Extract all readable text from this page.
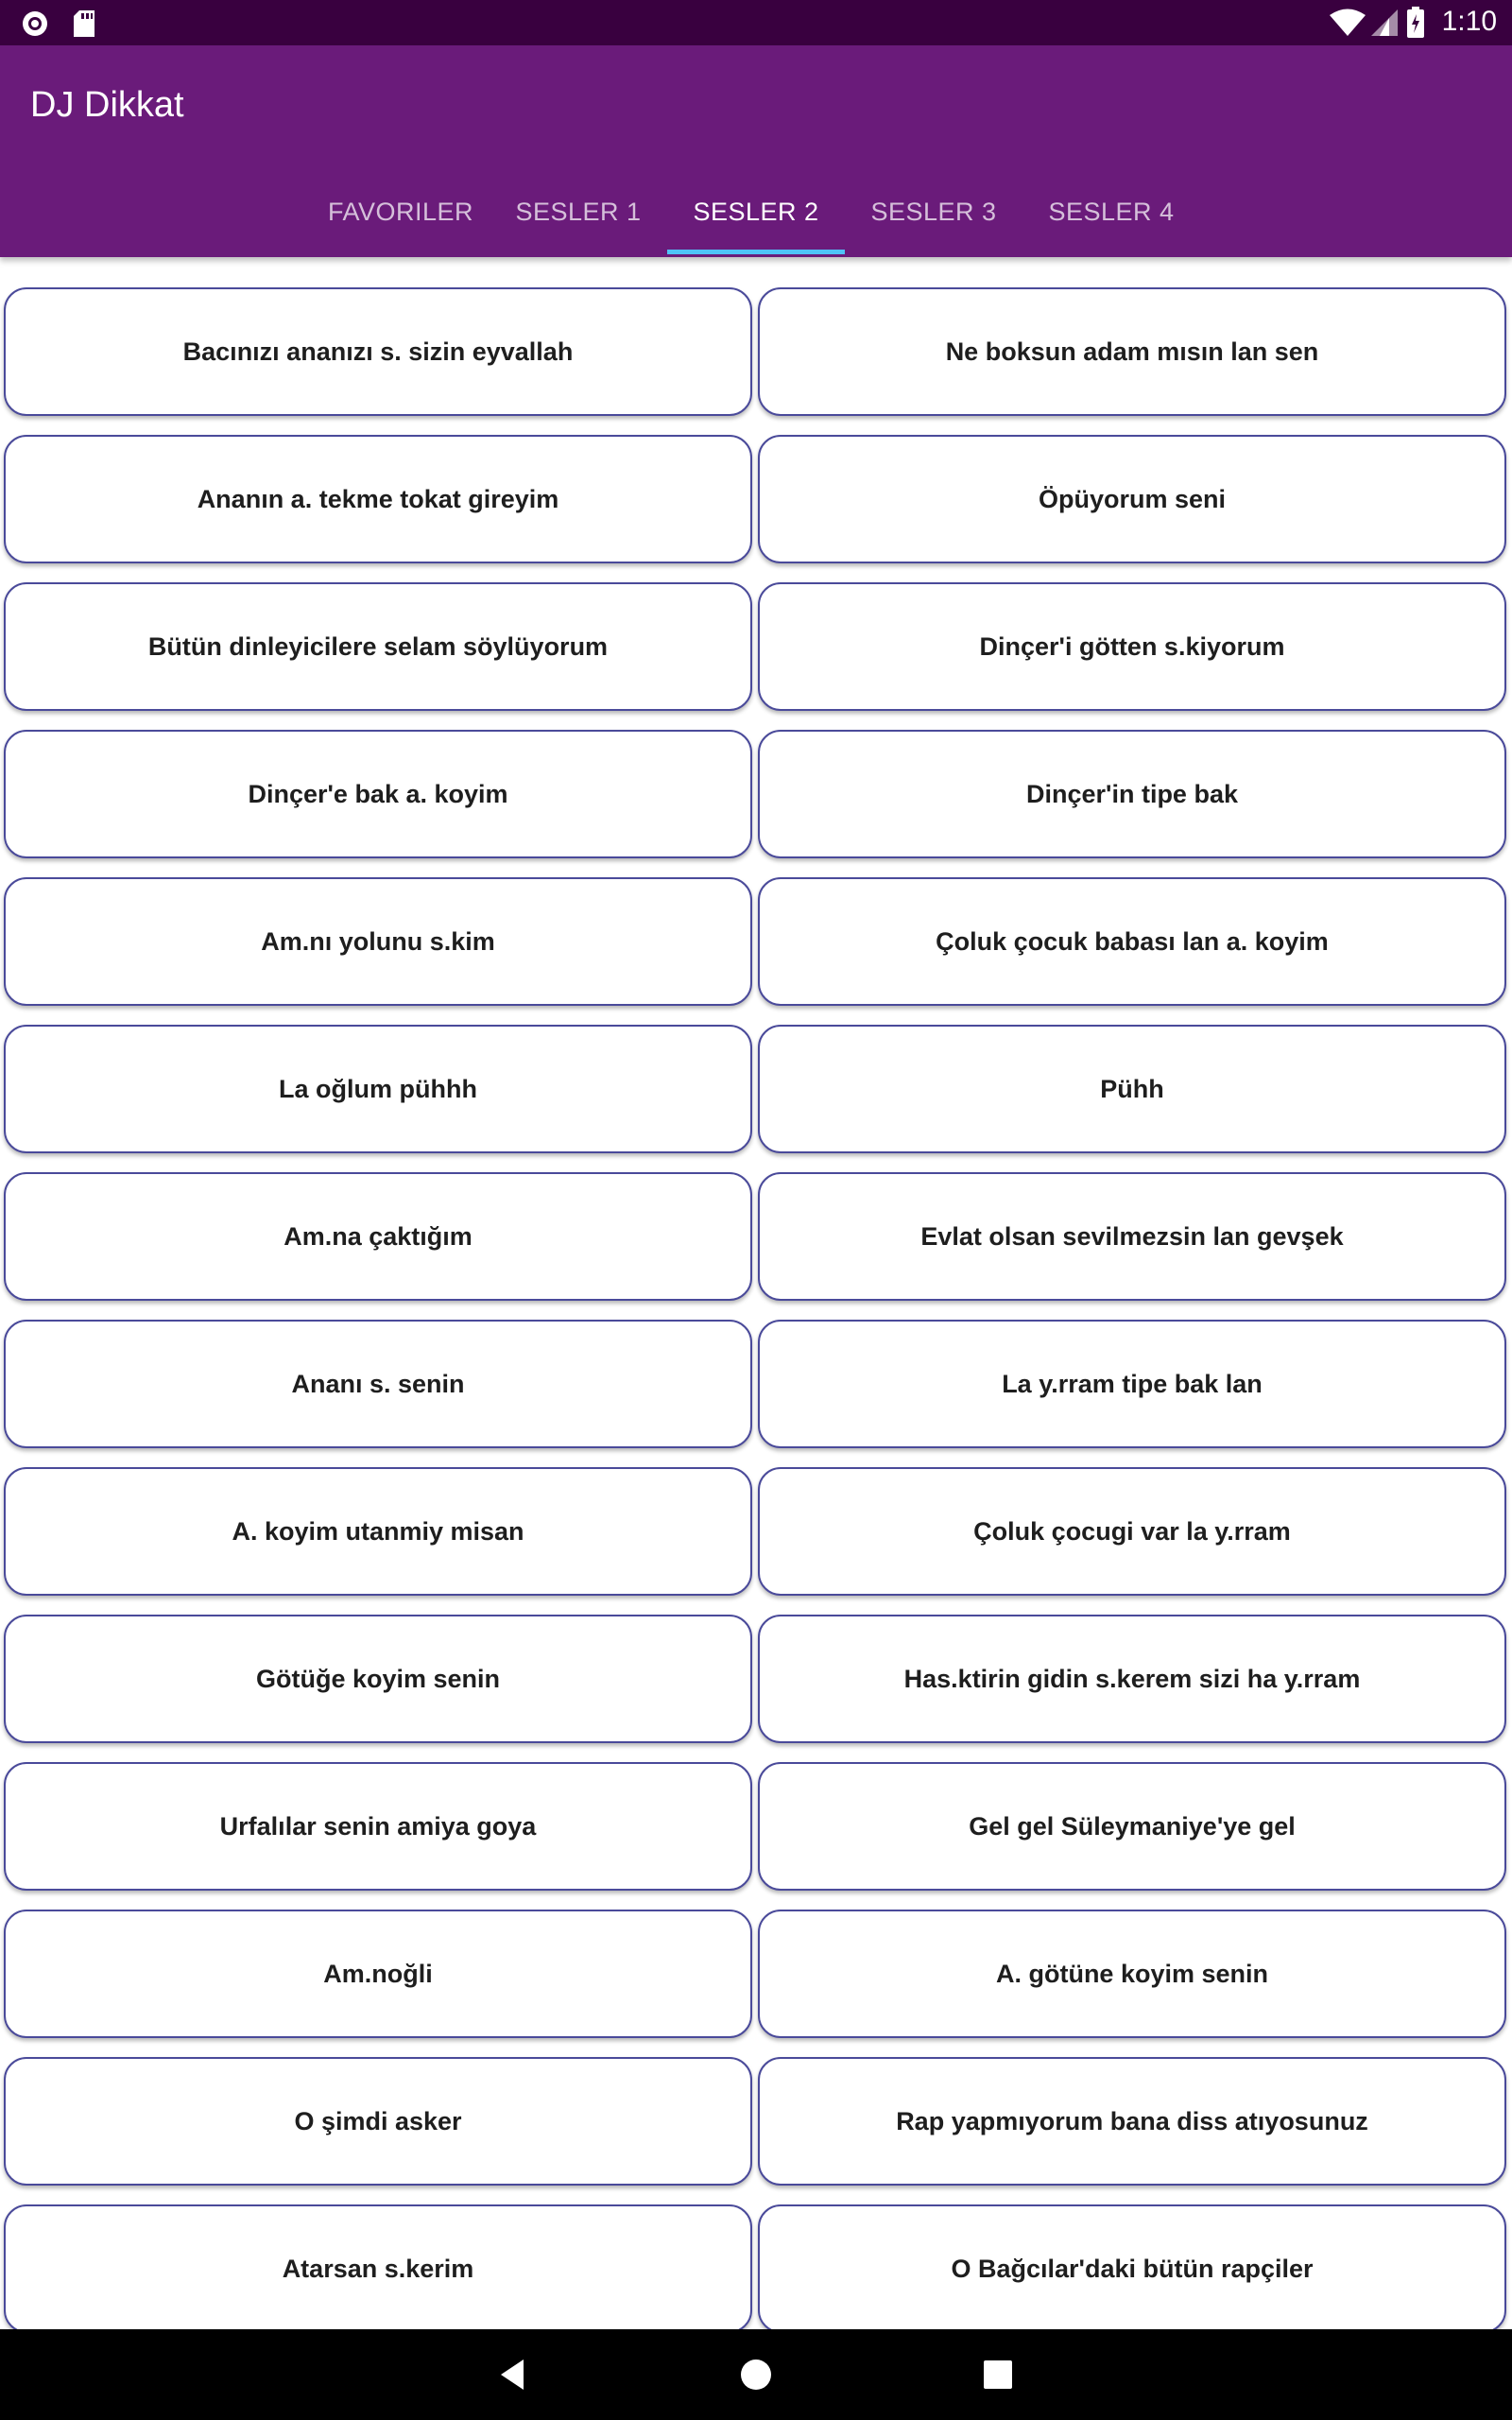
1:10
DJ Dikkat
FAVORILER	SESLER 1	SESLER 2	SESLER 3	SESLER 4
Bacınızı ananızı s. sizin eyvallah	Ne boksun adam mısın lan sen
Ananın a. tekme tokat gireyim	Öpüyorum seni
Bütün dinleyicilere selam söylüyorum	Dinçer'i götten s.kiyorum
Dinçer'e bak a. koyim	Dinçer'in tipe bak
Am.nı yolunu s.kim	Çoluk çocuk babası lan a. koyim
La oğlum pühhh	Pühh
Am.na çaktığım	Evlat olsan sevilmezsin lan gevşek
Ananı s. senin	La y.rram tipe bak lan
A. koyim utanmiy misan	Çoluk çocugi var la y.rram
Götüğe koyim senin	Has.ktirin gidin s.kerem sizi ha y.rram
Urfalılar senin amiya goya	Gel gel Süleymaniye'ye gel
Am.noğli	A. götüne koyim senin
O şimdi asker	Rap yapmıyorum bana diss atıyosunuz
Atarsan s.kerim	O Bağcılar'daki bütün rapçiler
